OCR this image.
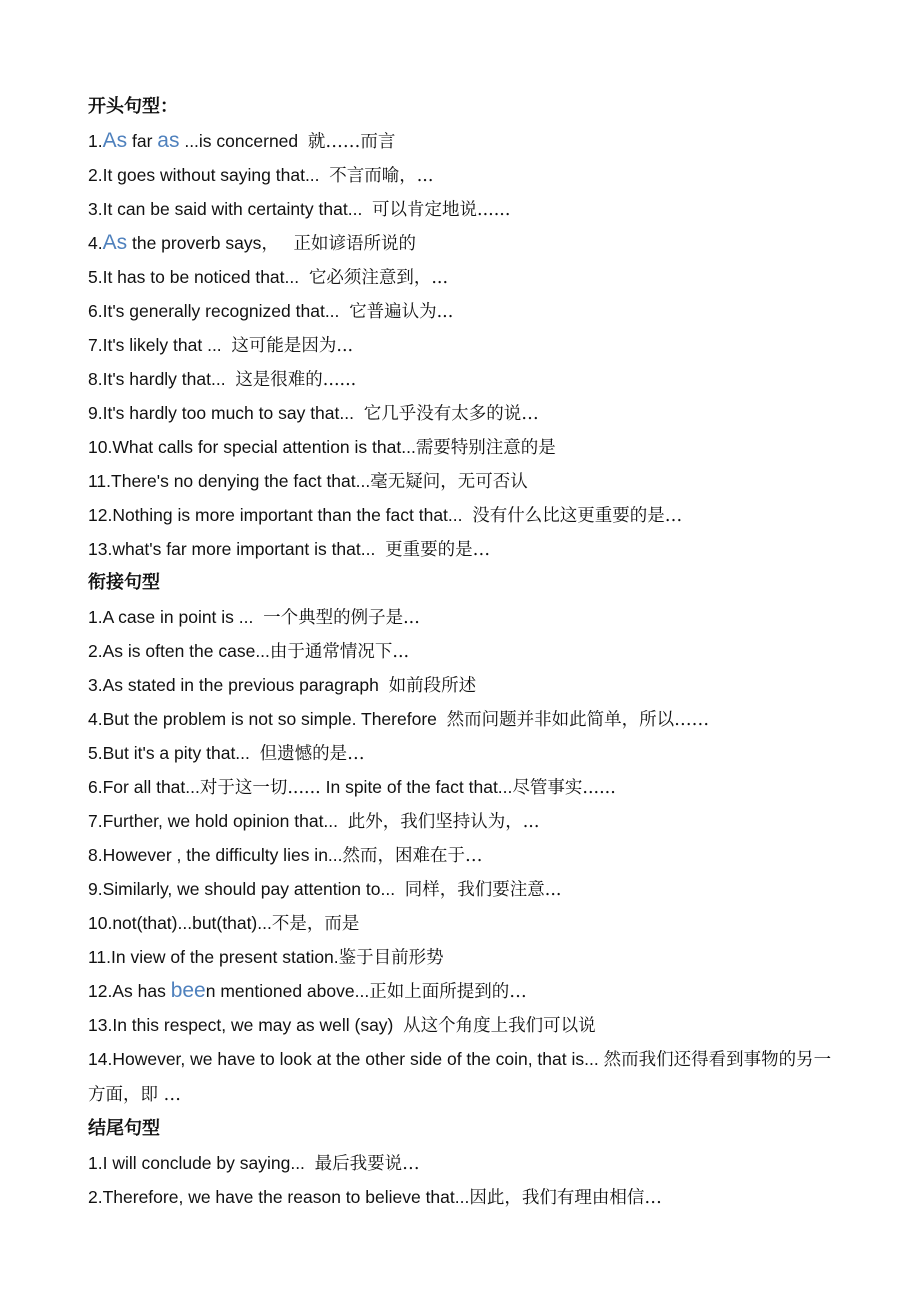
开头句型：
1.As far as ...is concerned  就……而言
2.It goes without saying that...  不言而喻，...
3.It can be said with certainty that...  可以肯定地说......
4.As the proverb says，   正如谚语所说的
5.It has to be noticed that...  它必须注意到，...
6.It's generally recognized that...  它普遍认为...
7.It's likely that ...  这可能是因为...
8.It's hardly that...  这是很难的......
9.It's hardly too much to say that...  它几乎没有太多的说…
10.What calls for special attention is that...需要特别注意的是
11.There's no denying the fact that...毫无疑问，无可否认
12.Nothing is more important than the fact that...  没有什么比这更重要的是…
13.what's far more important is that...  更重要的是…
衔接句型
1.A case in point is ...  一个典型的例子是...
2.As is often the case...由于通常情况下...
3.As stated in the previous paragraph  如前段所述
4.But the problem is not so simple. Therefore  然而问题并非如此简单，所以……
5.But it's a pity that...  但遗憾的是…
6.For all that...对于这一切...... In spite of the fact that...尽管事实......
7.Further, we hold opinion that...  此外，我们坚持认为，...
8.However , the difficulty lies in...然而，困难在于…
9.Similarly, we should pay attention to...  同样，我们要注意...
10.not(that)...but(that)...不是，而是
11.In view of the present station.鉴于目前形势
12.As has been mentioned above...正如上面所提到的…
13.In this respect, we may as well (say)  从这个角度上我们可以说
14.However, we have to look at the other side of the coin, that is... 然而我们还得看到事物的另一方面，即 …
结尾句型
1.I will conclude by saying...  最后我要说…
2.Therefore, we have the reason to believe that...因此，我们有理由相信…
